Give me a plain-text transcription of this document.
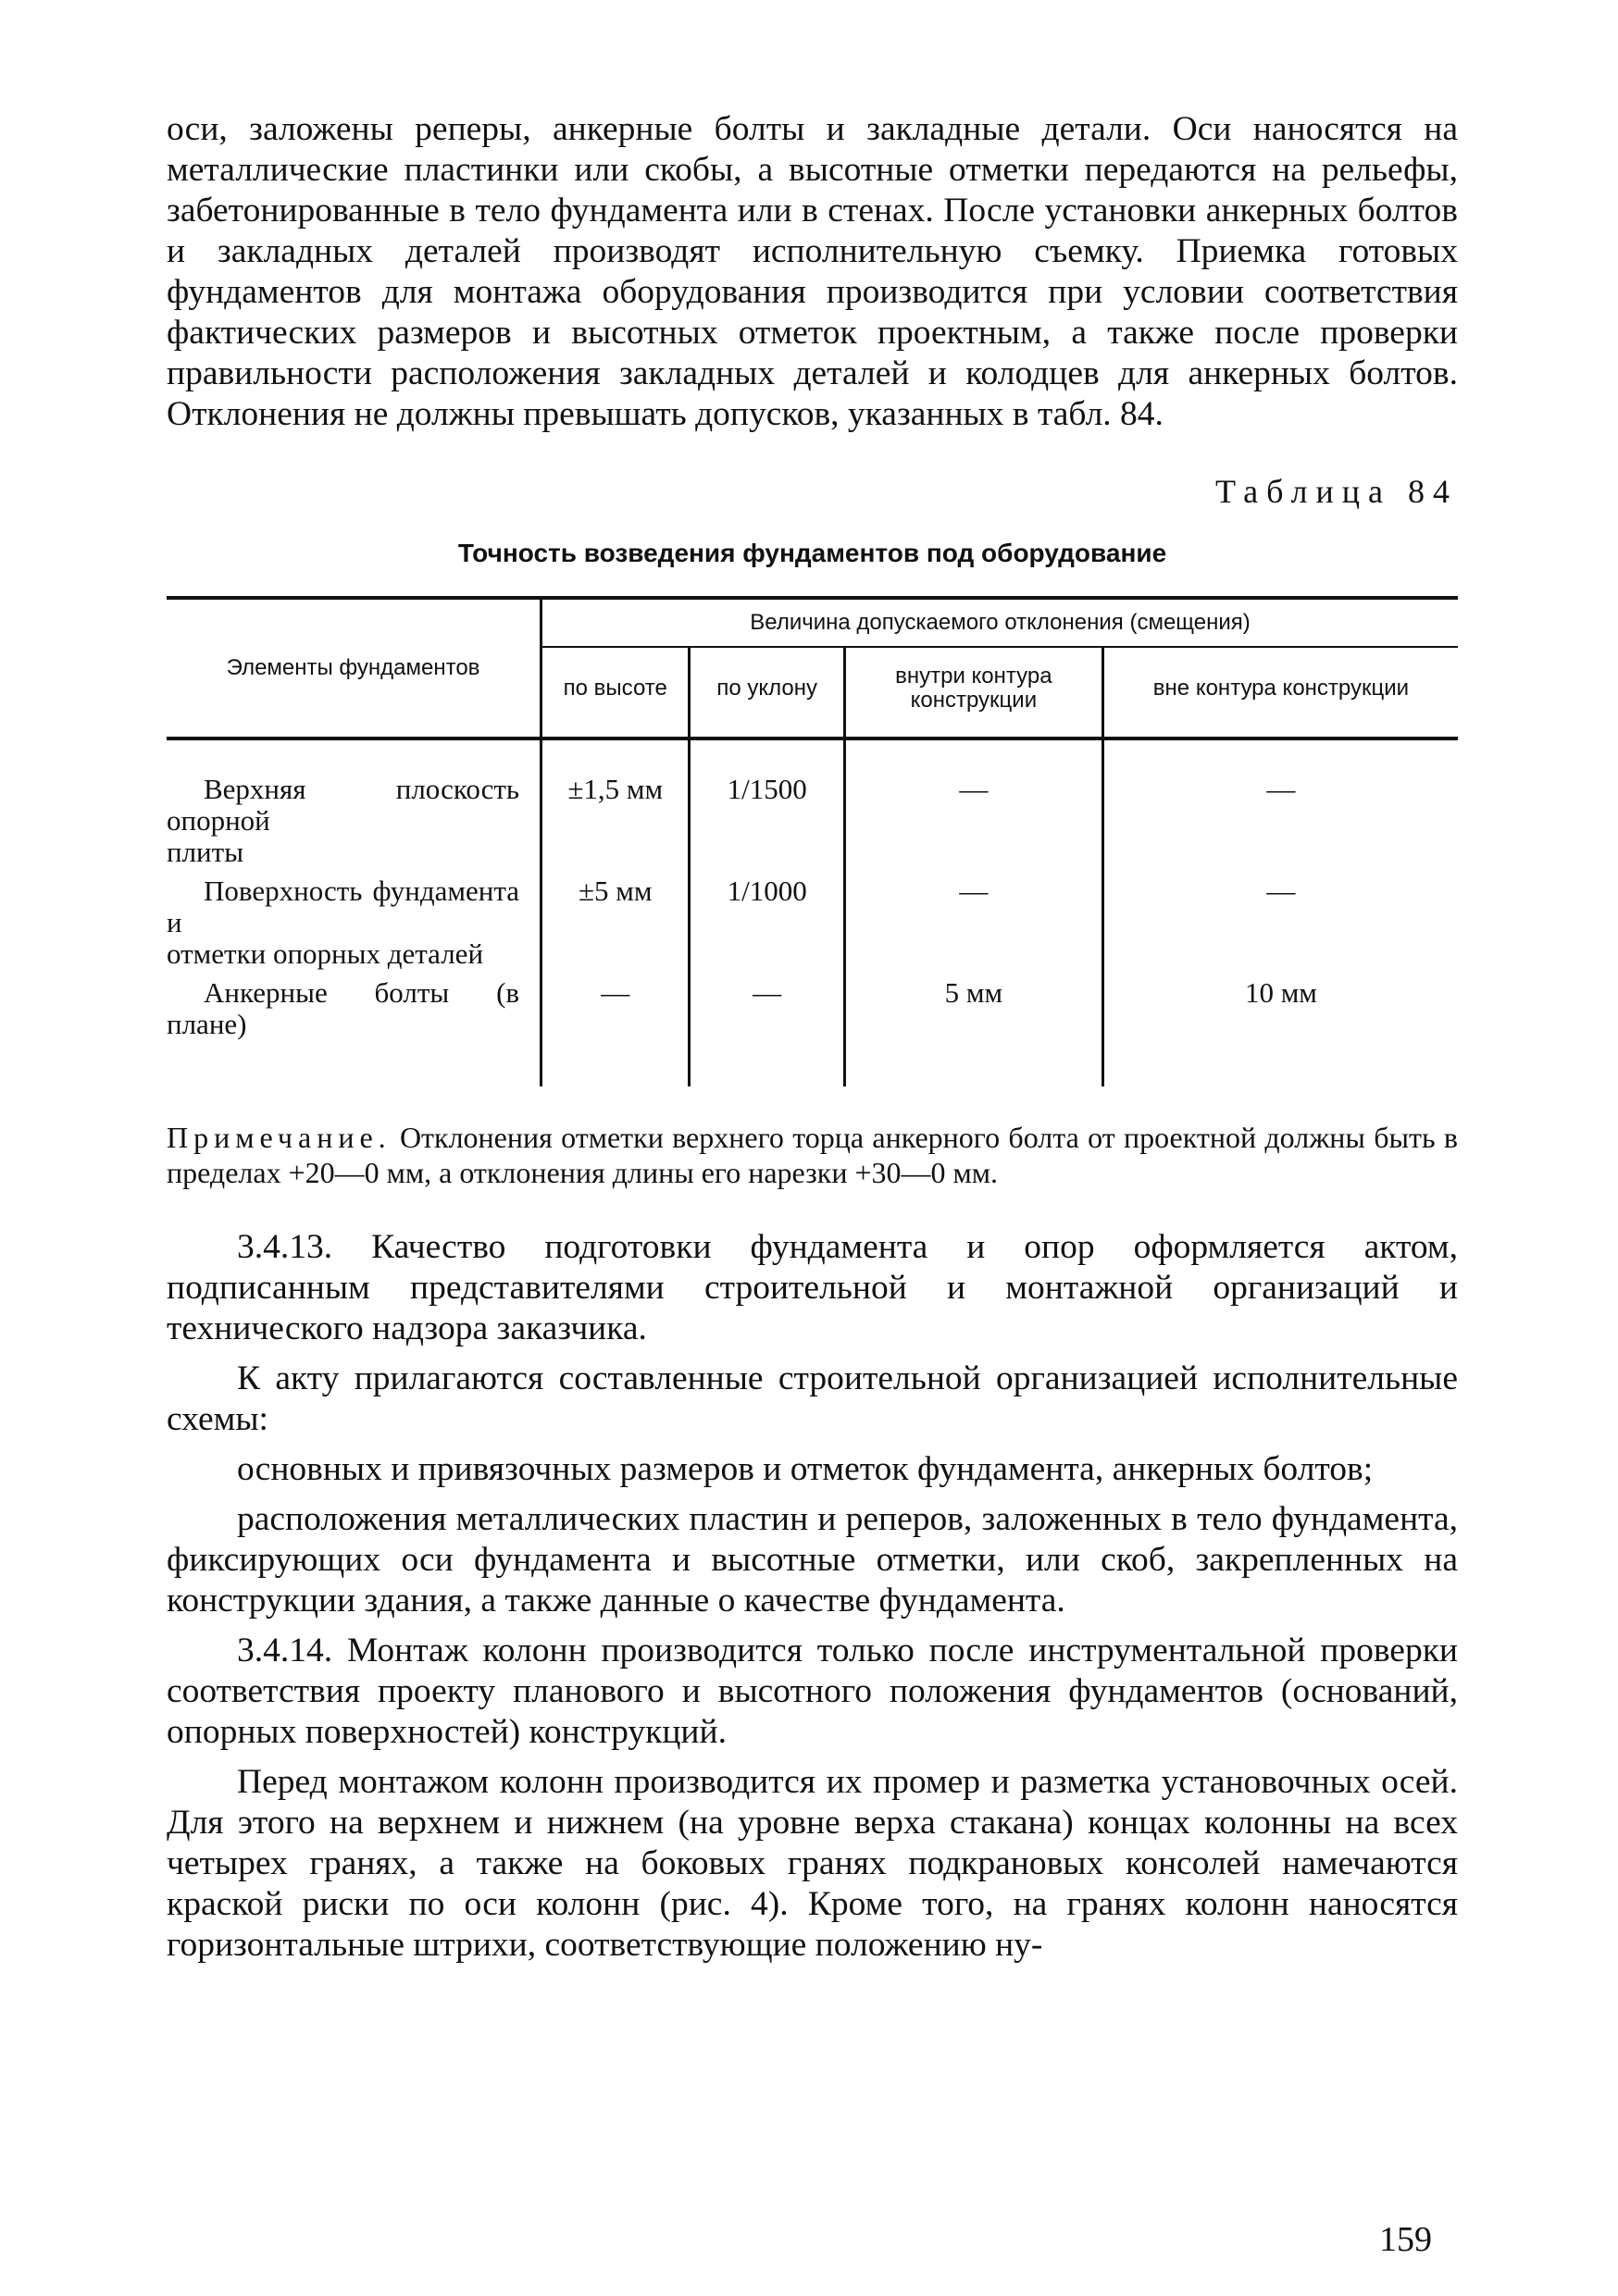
оси, заложены реперы, анкерные болты и закладные детали. Оси наносятся на металлические пластинки или скобы, а высотные отметки передаются на рельефы, забетонированные в тело фундамента или в стенах. После установки анкерных болтов и закладных деталей производят исполнительную съемку. Приемка готовых фундаментов для монтажа оборудования производится при условии соответствия фактических размеров и высотных отметок проектным, а также после проверки правильности расположения закладных деталей и колодцев для анкерных болтов. Отклонения не должны превышать допусков, указанных в табл. 84.

Таблица 84
Точность возведения фундаментов под оборудование
Элементы фундаментов	Величина допускаемого отклонения (смещения)			
	по высоте	по уклону	внутри контура конструкции	вне контура конструкции

Верхняя плоскость опорной
плиты	±1,5 мм	1/1500	—	—

Поверхность фундамента и
отметки опорных деталей	±5 мм	1/1000	—	—

Анкерные болты (в плане)	—	—	5 мм	10 мм

Примечание. Отклонения отметки верхнего торца анкерного болта от проектной должны быть в пределах +20—0 мм, а отклонения длины его нарезки +30—0 мм.

3.4.13. Качество подготовки фундамента и опор оформляется актом, подписанным представителями строительной и монтажной организаций и технического надзора заказчика.

К акту прилагаются составленные строительной организацией исполнительные схемы:

основных и привязочных размеров и отметок фундамента, анкерных болтов;

расположения металлических пластин и реперов, заложенных в тело фундамента, фиксирующих оси фундамента и высотные отметки, или скоб, закрепленных на конструкции здания, а также данные о качестве фундамента.

3.4.14. Монтаж колонн производится только после инструментальной проверки соответствия проекту планового и высотного положения фундаментов (оснований, опорных поверхностей) конструкций.

Перед монтажом колонн производится их промер и разметка установочных осей. Для этого на верхнем и нижнем (на уровне верха стакана) концах колонны на всех четырех гранях, а также на боковых гранях подкрановых консолей намечаются краской риски по оси колонн (рис. 4). Кроме того, на гранях колонн наносятся горизонтальные штрихи, соответствующие положению ну-

159
